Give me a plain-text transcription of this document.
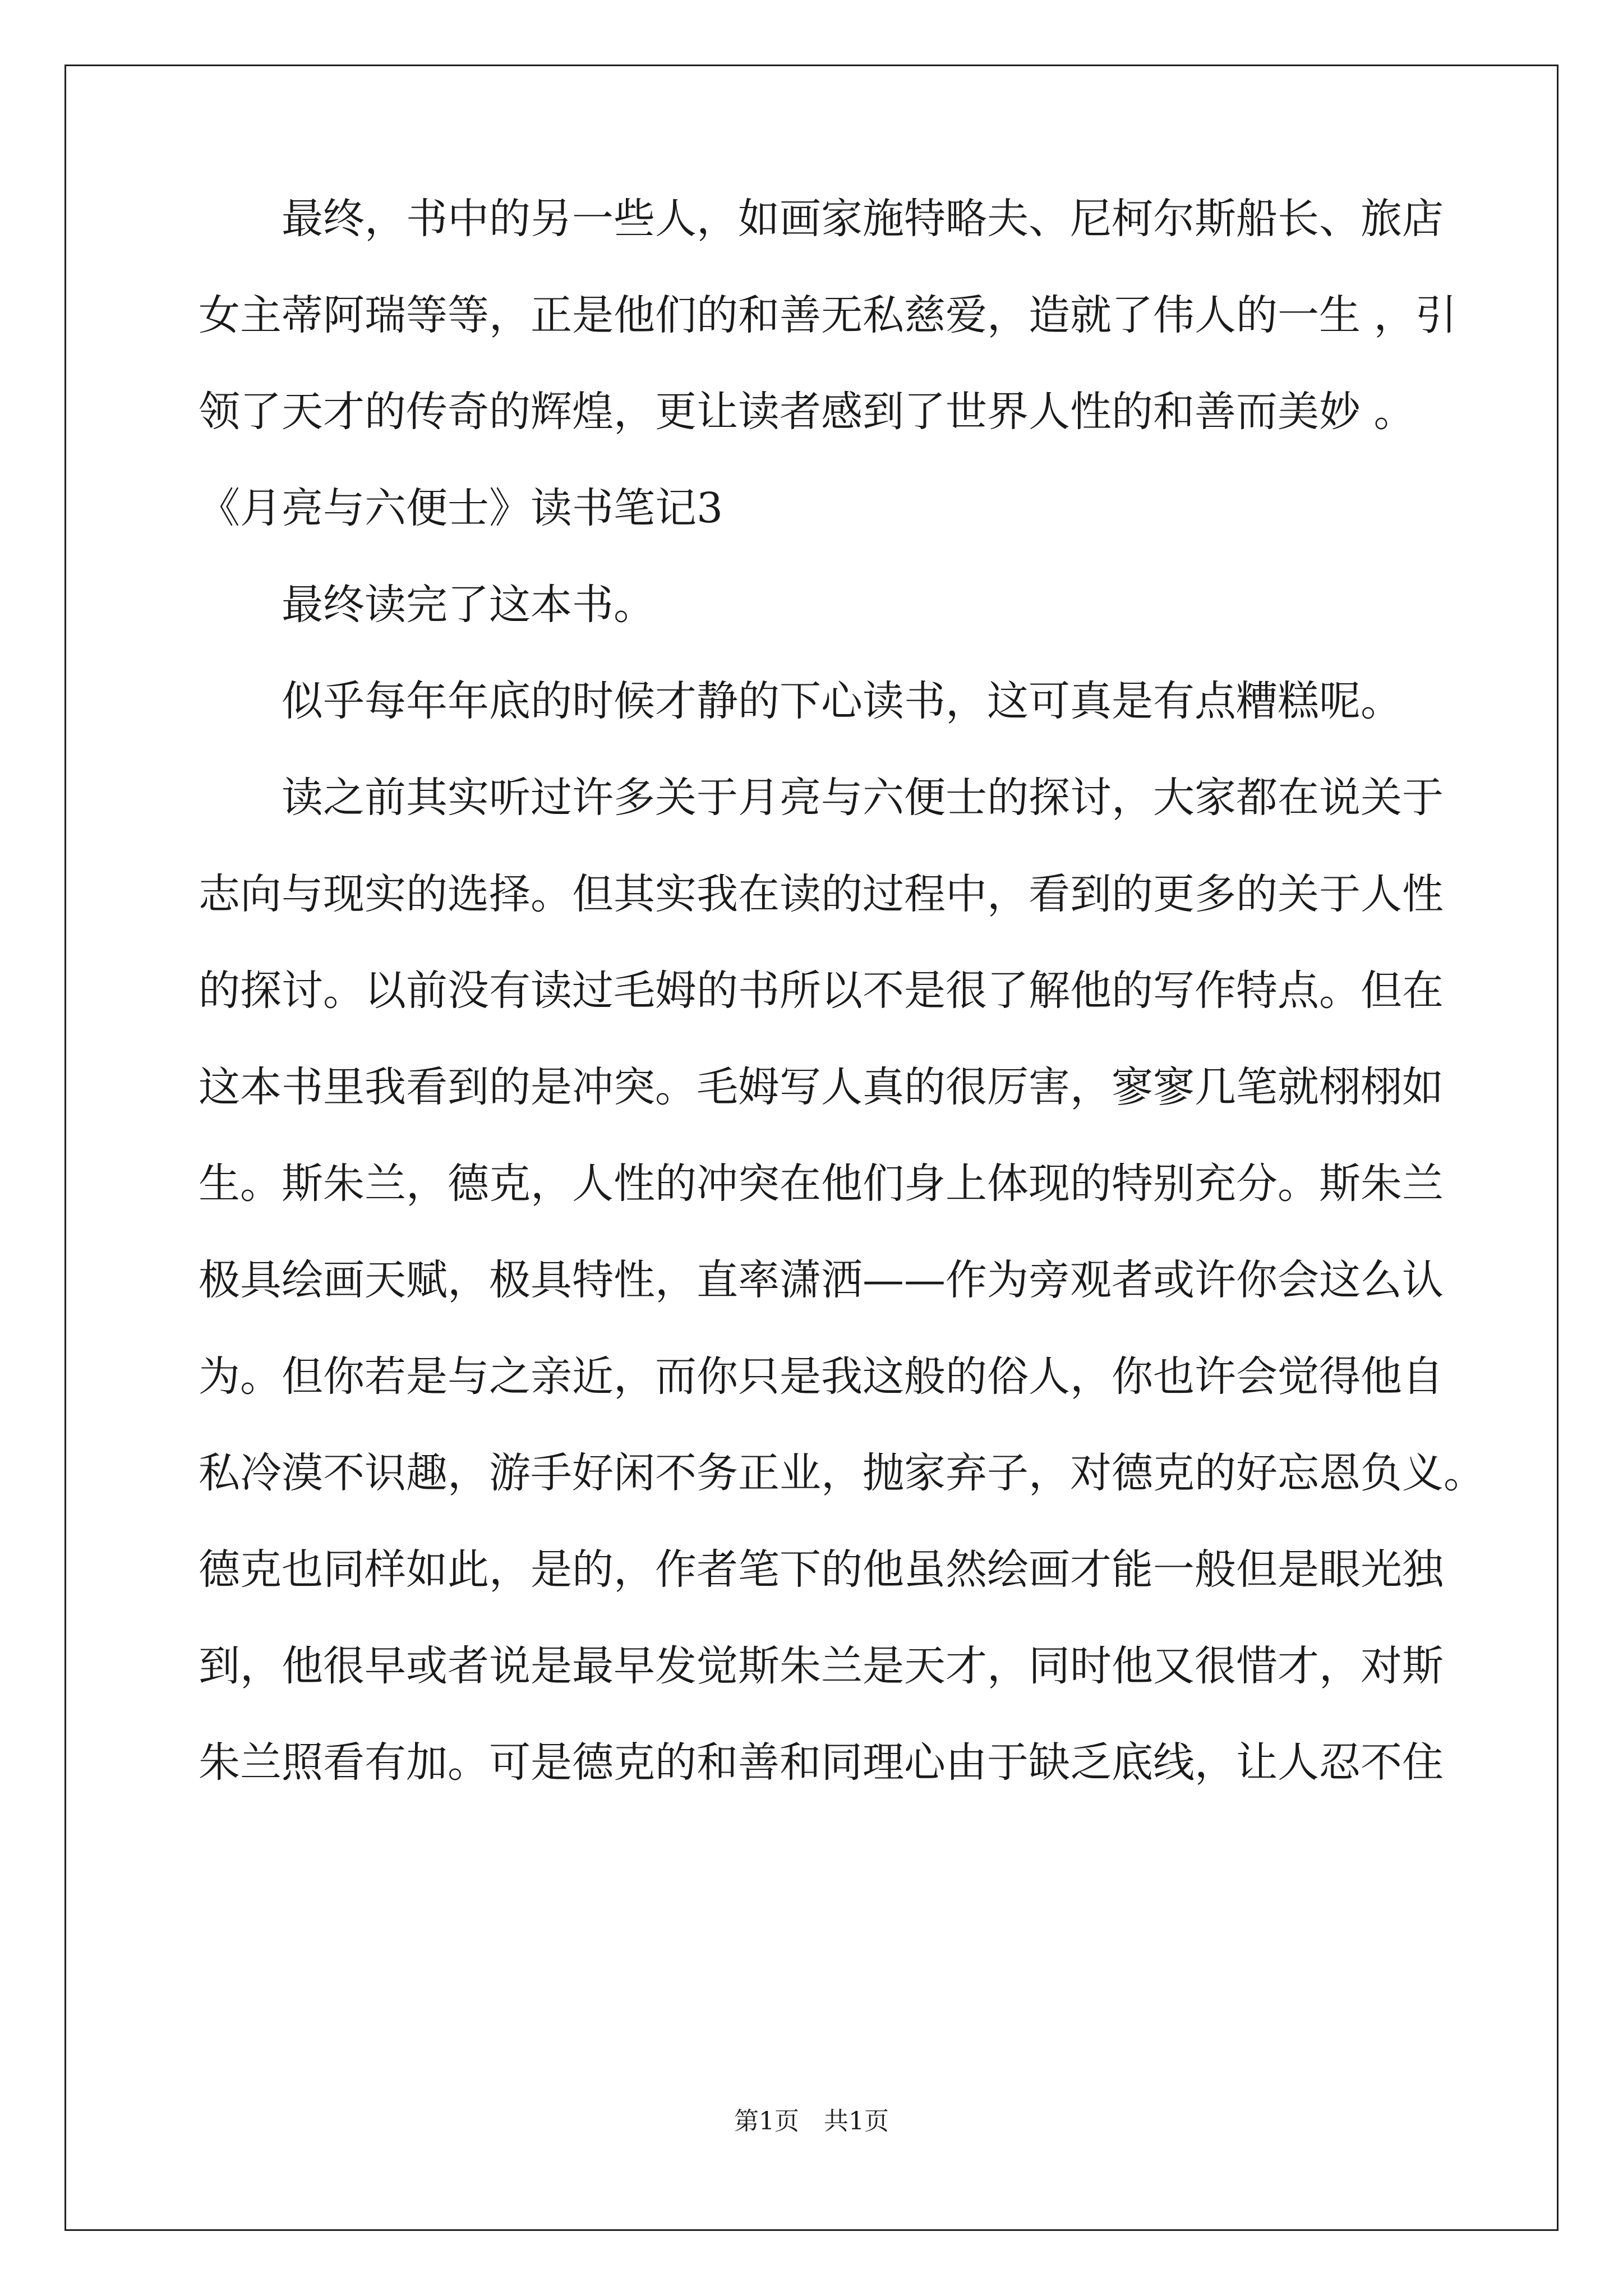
　　最终，书中的另一些人，如画家施特略夫、尼柯尔斯船长、旅店
女主蒂阿瑞等等，正是他们的和善无私慈爱，造就了伟人的一生 ，引
领了天才的传奇的辉煌，更让读者感到了世界人性的和善而美妙 。
《月亮与六便士》读书笔记3
　　最终读完了这本书。
　　似乎每年年底的时候才静的下心读书，这可真是有点糟糕呢。
　　读之前其实听过许多关于月亮与六便士的探讨，大家都在说关于
志向与现实的选择。但其实我在读的过程中，看到的更多的关于人性
的探讨。以前没有读过毛姆的书所以不是很了解他的写作特点。但在
这本书里我看到的是冲突。毛姆写人真的很厉害，寥寥几笔就栩栩如
生。斯朱兰，德克，人性的冲突在他们身上体现的特别充分。斯朱兰
极具绘画天赋，极具特性，直率潇洒——作为旁观者或许你会这么认
为。但你若是与之亲近，而你只是我这般的俗人，你也许会觉得他自
私冷漠不识趣，游手好闲不务正业，抛家弃子，对德克的好忘恩负义。
德克也同样如此，是的，作者笔下的他虽然绘画才能一般但是眼光独
到，他很早或者说是最早发觉斯朱兰是天才，同时他又很惜才，对斯
朱兰照看有加。可是德克的和善和同理心由于缺乏底线，让人忍不住
第1页　共1页
